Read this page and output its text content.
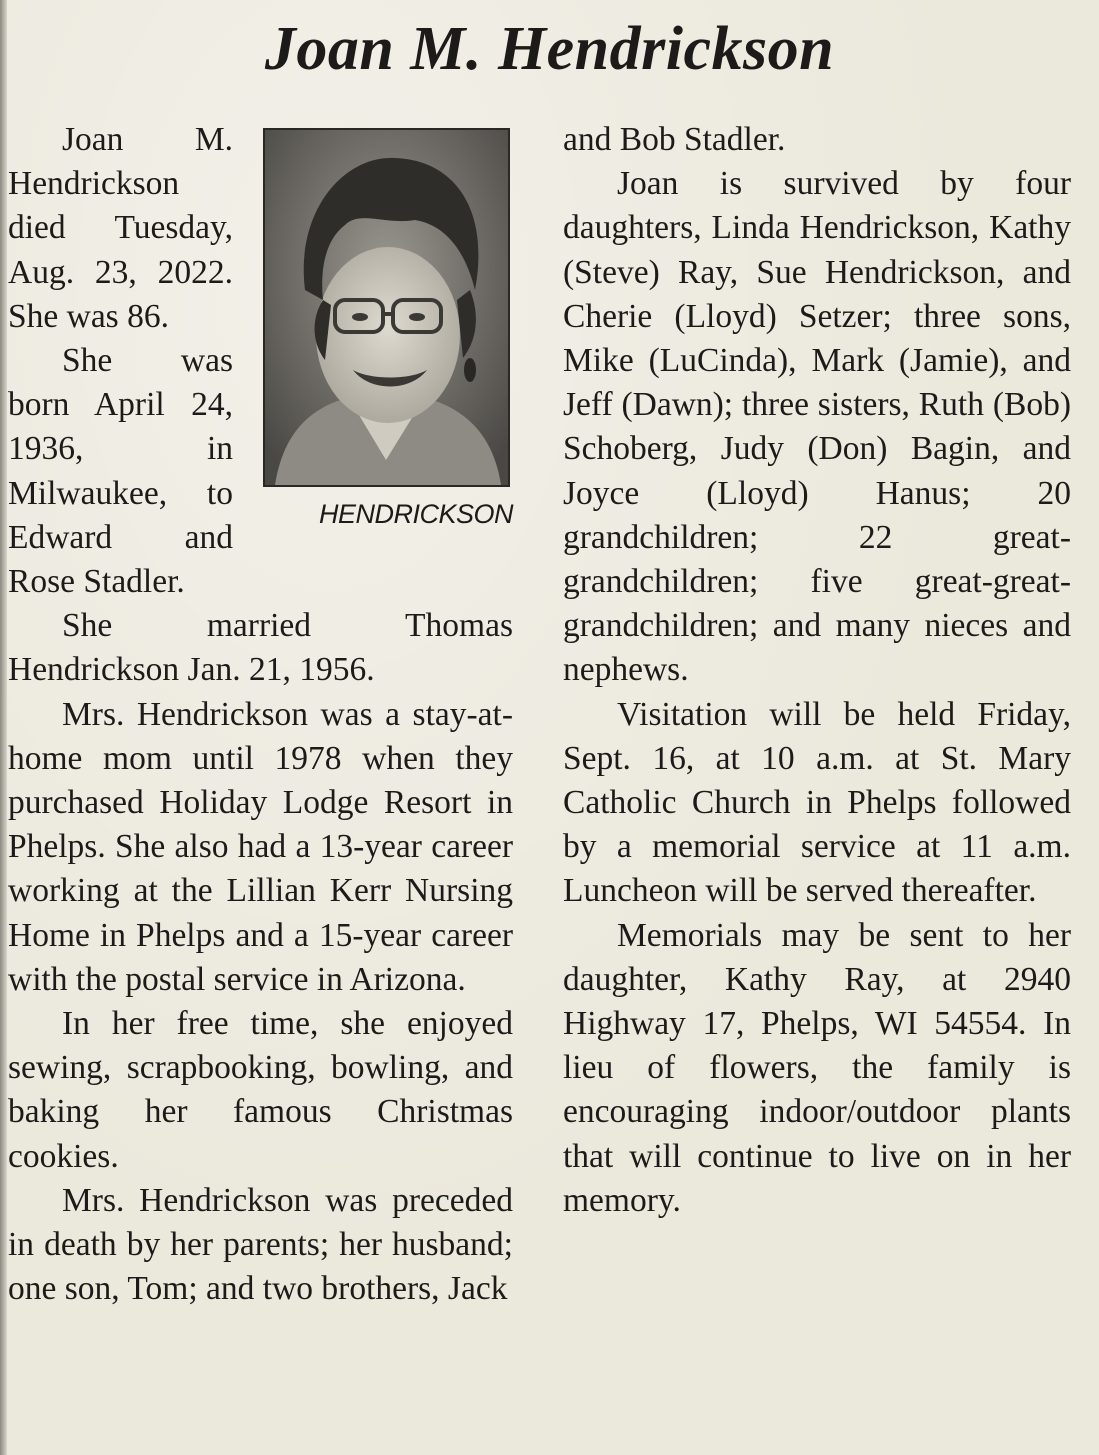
Joan M. Hendrickson
HENDRICKSON

Joan M. Hendrickson died Tuesday, Aug. 23, 2022. She was 86.

She was born April 24, 1936, in Milwaukee, to Edward and Rose Stadler.

She married Thomas Hendrickson Jan. 21, 1956.

Mrs. Hendrickson was a stay-at-home mom until 1978 when they purchased Holiday Lodge Resort in Phelps. She also had a 13-year career working at the Lillian Kerr Nursing Home in Phelps and a 15-year career with the postal service in Arizona.

In her free time, she enjoyed sewing, scrapbooking, bowling, and baking her famous Christmas cookies.

Mrs. Hendrickson was preceded in death by her parents; her husband; one son, Tom; and two brothers, Jack

and Bob Stadler.

Joan is survived by four daughters, Linda Hendrickson, Kathy (Steve) Ray, Sue Hendrickson, and Cherie (Lloyd) Setzer; three sons, Mike (LuCinda), Mark (Jamie), and Jeff (Dawn); three sisters, Ruth (Bob) Schoberg, Judy (Don) Bagin, and Joyce (Lloyd) Hanus; 20 grandchildren; 22 great-grandchildren; five great-great-grandchildren; and many nieces and nephews.

Visitation will be held Friday, Sept. 16, at 10 a.m. at St. Mary Catholic Church in Phelps followed by a memorial service at 11 a.m. Luncheon will be served thereafter.

Memorials may be sent to her daughter, Kathy Ray, at 2940 Highway 17, Phelps, WI 54554. In lieu of flowers, the family is encouraging indoor/outdoor plants that will continue to live on in her memory.
